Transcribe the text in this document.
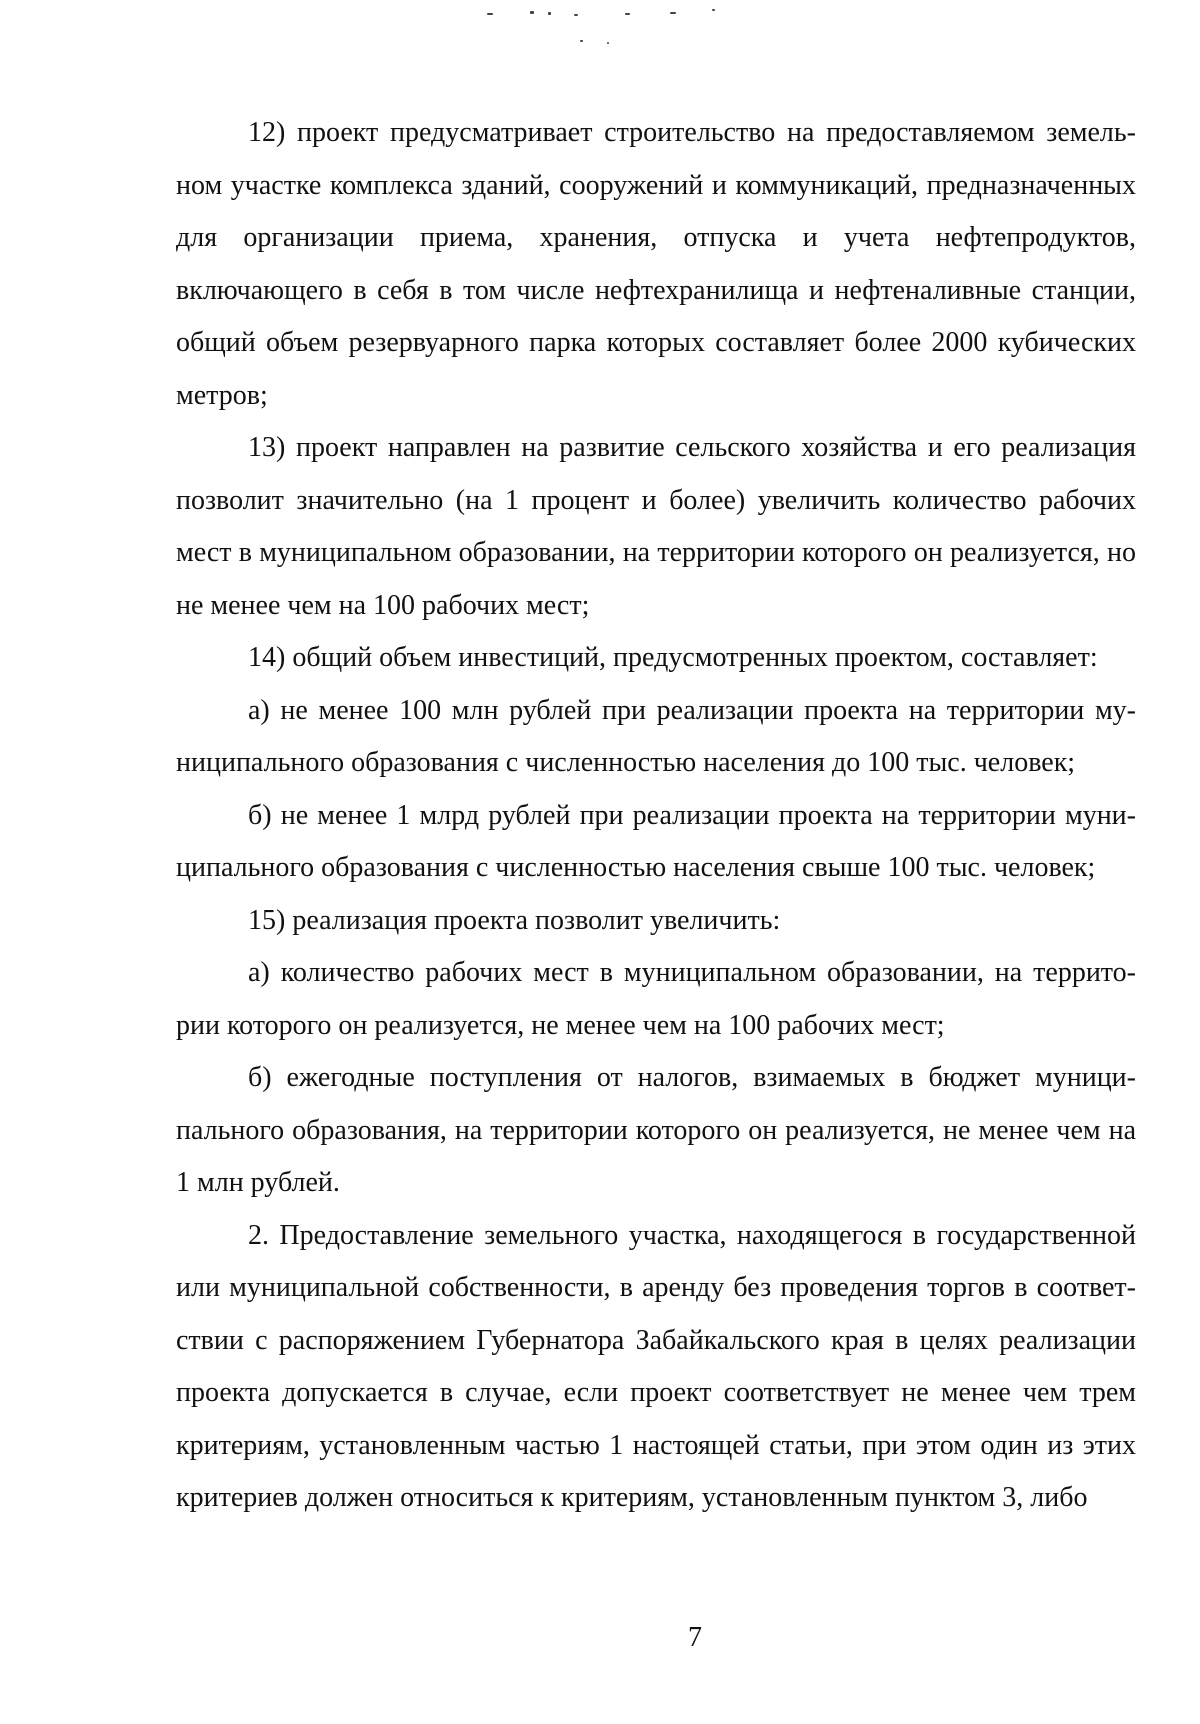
12) проект предусматривает строительство на предоставляемом земельном участке комплекса зданий, сооружений и коммуникаций, предназначенных для организации приема, хранения, отпуска и учета нефтепродуктов, включающего в себя в том числе нефтехранилища и нефтеналивные станции, общий объем резервуарного парка которых составляет более 2000 кубических метров;

13) проект направлен на развитие сельского хозяйства и его реализация позволит значительно (на 1 процент и более) увеличить количество рабочих мест в муниципальном образовании, на территории которого он реализуется, но не менее чем на 100 рабочих мест;

14) общий объем инвестиций, предусмотренных проектом, составляет:

а) не менее 100 млн рублей при реализации проекта на территории муниципального образования с численностью населения до 100 тыс. человек;

б) не менее 1 млрд рублей при реализации проекта на территории муниципального образования с численностью населения свыше 100 тыс. человек;

15) реализация проекта позволит увеличить:

а) количество рабочих мест в муниципальном образовании, на территории которого он реализуется, не менее чем на 100 рабочих мест;

б) ежегодные поступления от налогов, взимаемых в бюджет муниципального образования, на территории которого он реализуется, не менее чем на 1 млн рублей.

2. Предоставление земельного участка, находящегося в государственной или муниципальной собственности, в аренду без проведения торгов в соответствии с распоряжением Губернатора Забайкальского края в целях реализации проекта допускается в случае, если проект соответствует не менее чем трем критериям, установленным частью 1 настоящей статьи, при этом один из этих критериев должен относиться к критериям, установленным пунктом 3, либо

7
